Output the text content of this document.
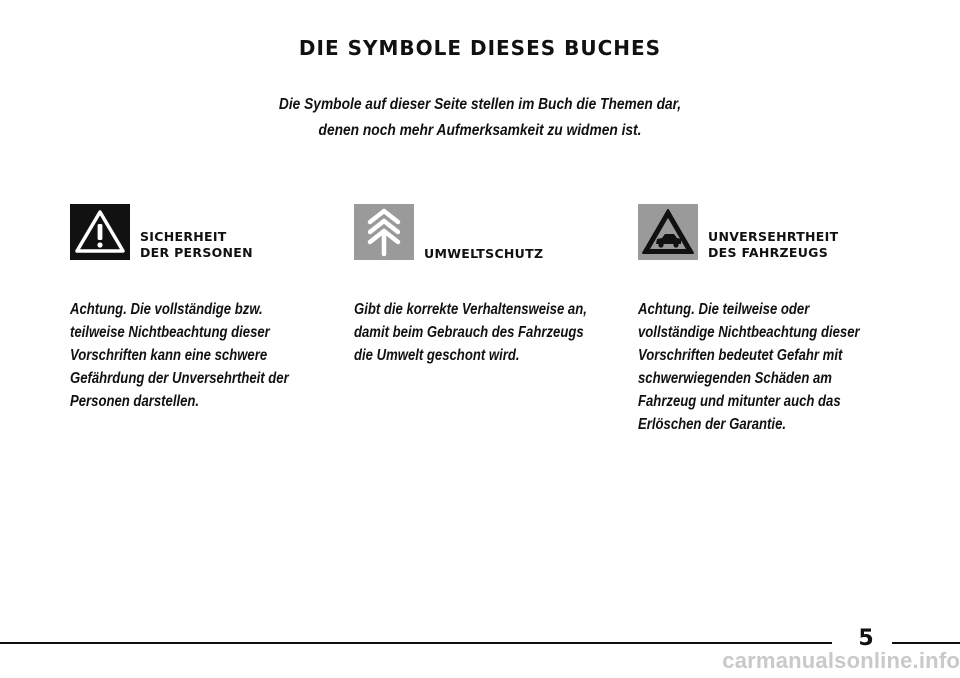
DIE SYMBOLE DIESES BUCHES
Die Symbole auf dieser Seite stellen im Buch die Themen dar,
denen noch mehr Aufmerksamkeit zu widmen ist.
SICHERHEIT
DER PERSONEN
Achtung. Die vollständige bzw.
teilweise Nichtbeachtung dieser
Vorschriften kann eine schwere
Gefährdung der Unversehrtheit der
Personen darstellen.
UMWELTSCHUTZ
Gibt die korrekte Verhaltensweise an,
damit beim Gebrauch des Fahrzeugs
die Umwelt geschont wird.
UNVERSEHRTHEIT
DES FAHRZEUGS
Achtung. Die teilweise oder
vollständige Nichtbeachtung dieser
Vorschriften bedeutet Gefahr mit
schwerwiegenden Schäden am
Fahrzeug und mitunter auch das
Erlöschen der Garantie.
5
carmanualsonline.info
